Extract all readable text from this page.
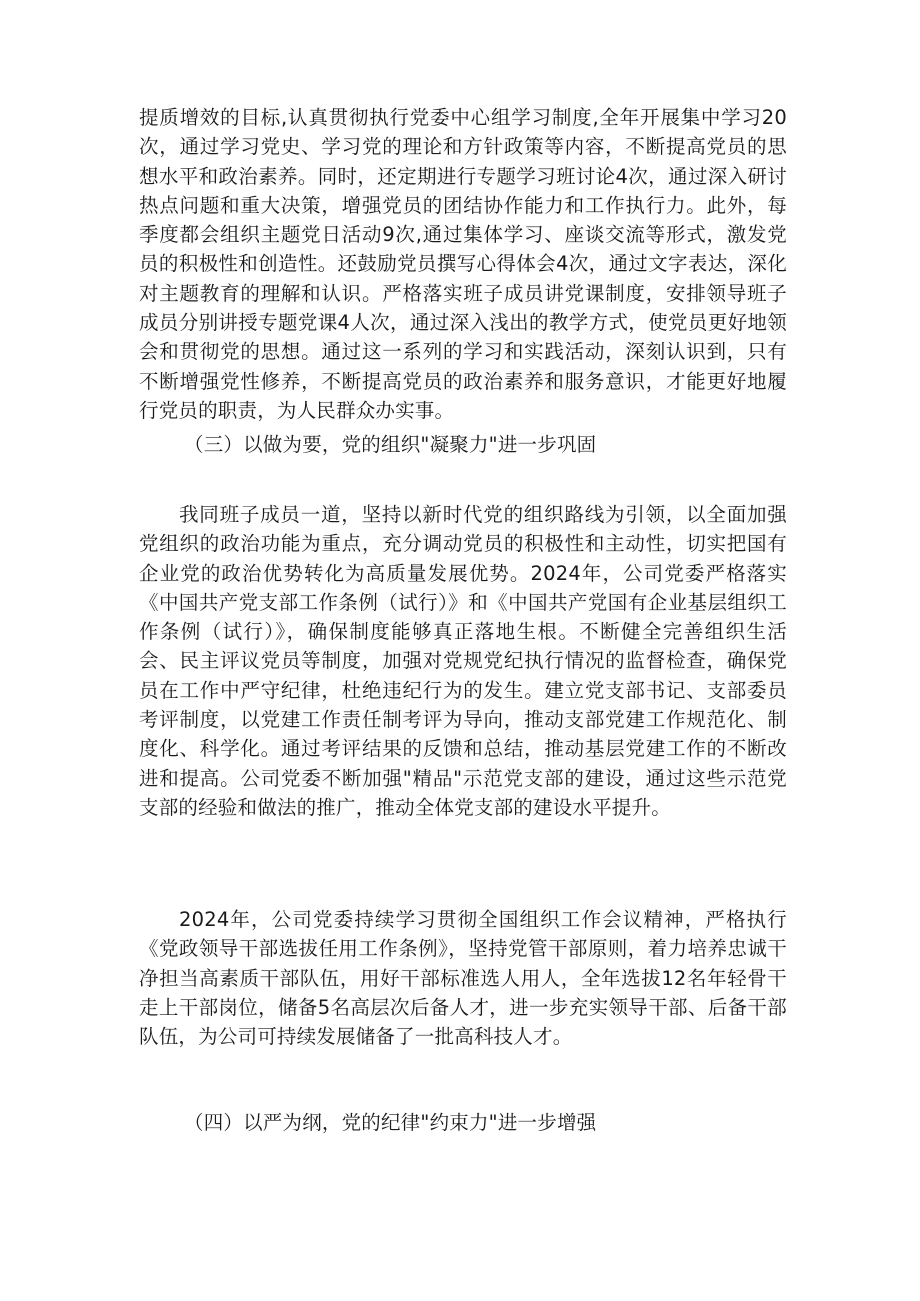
提质增效的目标,认真贯彻执行党委中心组学习制度,全年开展集中学习20次，通过学习党史、学习党的理论和方针政策等内容，不断提高党员的思想水平和政治素养。同时，还定期进行专题学习班讨论4次，通过深入研讨热点问题和重大决策，增强党员的团结协作能力和工作执行力。此外，每季度都会组织主题党日活动9次,通过集体学习、座谈交流等形式，激发党员的积极性和创造性。还鼓励党员撰写心得体会4次，通过文字表达，深化对主题教育的理解和认识。严格落实班子成员讲党课制度，安排领导班子成员分别讲授专题党课4人次，通过深入浅出的教学方式，使党员更好地领会和贯彻党的思想。通过这一系列的学习和实践活动，深刻认识到，只有不断增强党性修养，不断提高党员的政治素养和服务意识，才能更好地履行党员的职责，为人民群众办实事。

（三）以做为要，党的组织"凝聚力"进一步巩固

我同班子成员一道，坚持以新时代党的组织路线为引领，以全面加强党组织的政治功能为重点，充分调动党员的积极性和主动性，切实把国有企业党的政治优势转化为高质量发展优势。2024年，公司党委严格落实《中国共产党支部工作条例（试行）》和《中国共产党国有企业基层组织工作条例（试行）》，确保制度能够真正落地生根。不断健全完善组织生活会、民主评议党员等制度，加强对党规党纪执行情况的监督检查，确保党员在工作中严守纪律，杜绝违纪行为的发生。建立党支部书记、支部委员考评制度，以党建工作责任制考评为导向，推动支部党建工作规范化、制度化、科学化。通过考评结果的反馈和总结，推动基层党建工作的不断改进和提高。公司党委不断加强"精品"示范党支部的建设，通过这些示范党支部的经验和做法的推广，推动全体党支部的建设水平提升。

2024年，公司党委持续学习贯彻全国组织工作会议精神，严格执行《党政领导干部选拔任用工作条例》，坚持党管干部原则，着力培养忠诚干净担当高素质干部队伍，用好干部标准选人用人，全年选拔12名年轻骨干走上干部岗位，储备5名高层次后备人才，进一步充实领导干部、后备干部队伍，为公司可持续发展储备了一批高科技人才。

（四）以严为纲，党的纪律"约束力"进一步增强
